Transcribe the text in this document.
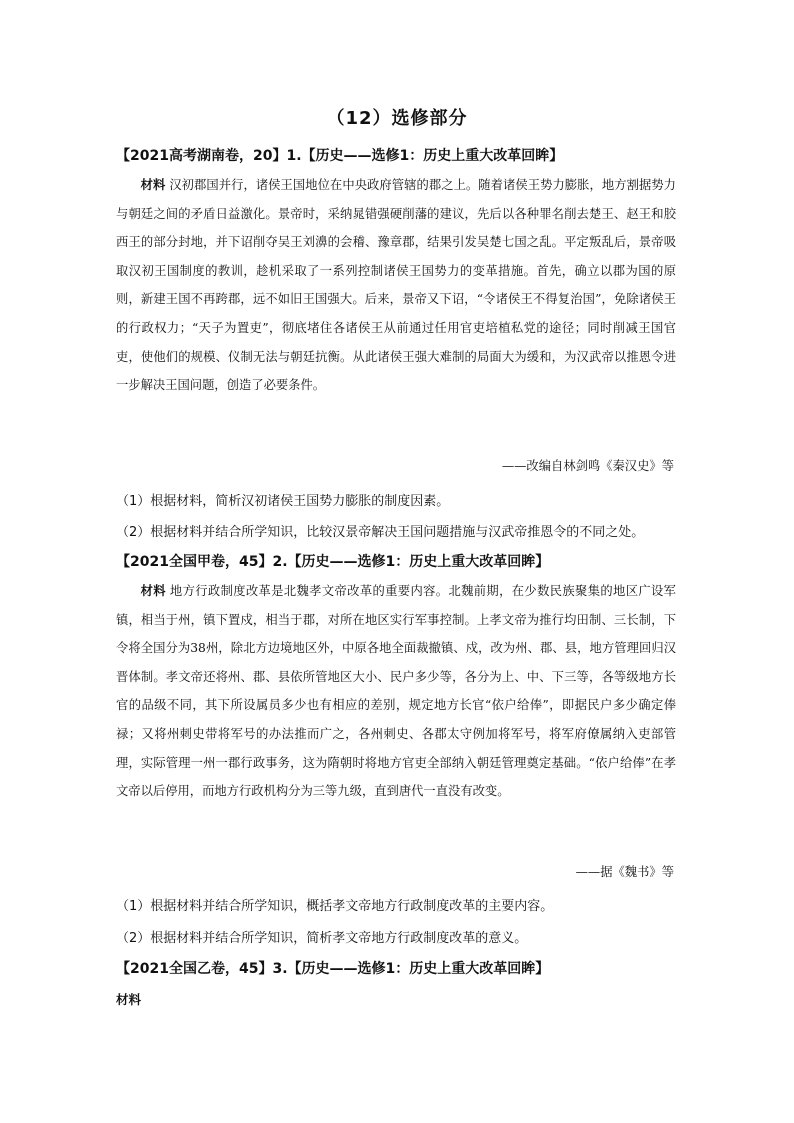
（12）选修部分
【2021高考湖南卷，20】1.【历史——选修1：历史上重大改革回眸】
材料 汉初郡国并行，诸侯王国地位在中央政府管辖的郡之上。随着诸侯王势力膨胀，地方割据势力与朝廷之间的矛盾日益激化。景帝时，采纳晁错强硬削藩的建议，先后以各种罪名削去楚王、赵王和胶西王的部分封地，并下诏削夺吴王刘濞的会稽、豫章郡，结果引发吴楚七国之乱。平定叛乱后，景帝吸取汉初王国制度的教训，趁机采取了一系列控制诸侯王国势力的变革措施。首先，确立以郡为国的原则，新建王国不再跨郡，远不如旧王国强大。后来，景帝又下诏，“令诸侯王不得复治国”，免除诸侯王的行政权力；“天子为置吏”，彻底堵住各诸侯王从前通过任用官吏培植私党的途径；同时削减王国官吏，使他们的规模、仪制无法与朝廷抗衡。从此诸侯王强大难制的局面大为缓和，为汉武帝以推恩令进一步解决王国问题，创造了必要条件。
——改编自林剑鸣《秦汉史》等
（1）根据材料，简析汉初诸侯王国势力膨胀的制度因素。
（2）根据材料并结合所学知识，比较汉景帝解决王国问题措施与汉武帝推恩令的不同之处。
【2021全国甲卷，45】2.【历史——选修1：历史上重大改革回眸】
材料 地方行政制度改革是北魏孝文帝改革的重要内容。北魏前期，在少数民族聚集的地区广设军镇，相当于州，镇下置戍，相当于郡，对所在地区实行军事控制。上孝文帝为推行均田制、三长制，下令将全国分为38州，除北方边境地区外，中原各地全面裁撤镇、戍，改为州、郡、县，地方管理回归汉晋体制。孝文帝还将州、郡、县依所管地区大小、民户多少等，各分为上、中、下三等，各等级地方长官的品级不同，其下所设属员多少也有相应的差别，规定地方长官“依户给俸”，即据民户多少确定俸禄；又将州刺史带将军号的办法推而广之，各州刺史、各郡太守例加将军号，将军府僚属纳入吏部管理，实际管理一州一郡行政事务，这为隋朝时将地方官吏全部纳入朝廷管理奠定基础。“依户给俸”在孝文帝以后停用，而地方行政机构分为三等九级，直到唐代一直没有改变。
——据《魏书》等
（1）根据材料并结合所学知识，概括孝文帝地方行政制度改革的主要内容。
（2）根据材料并结合所学知识，简析孝文帝地方行政制度改革的意义。
【2021全国乙卷，45】3.【历史——选修1：历史上重大改革回眸】
材料
